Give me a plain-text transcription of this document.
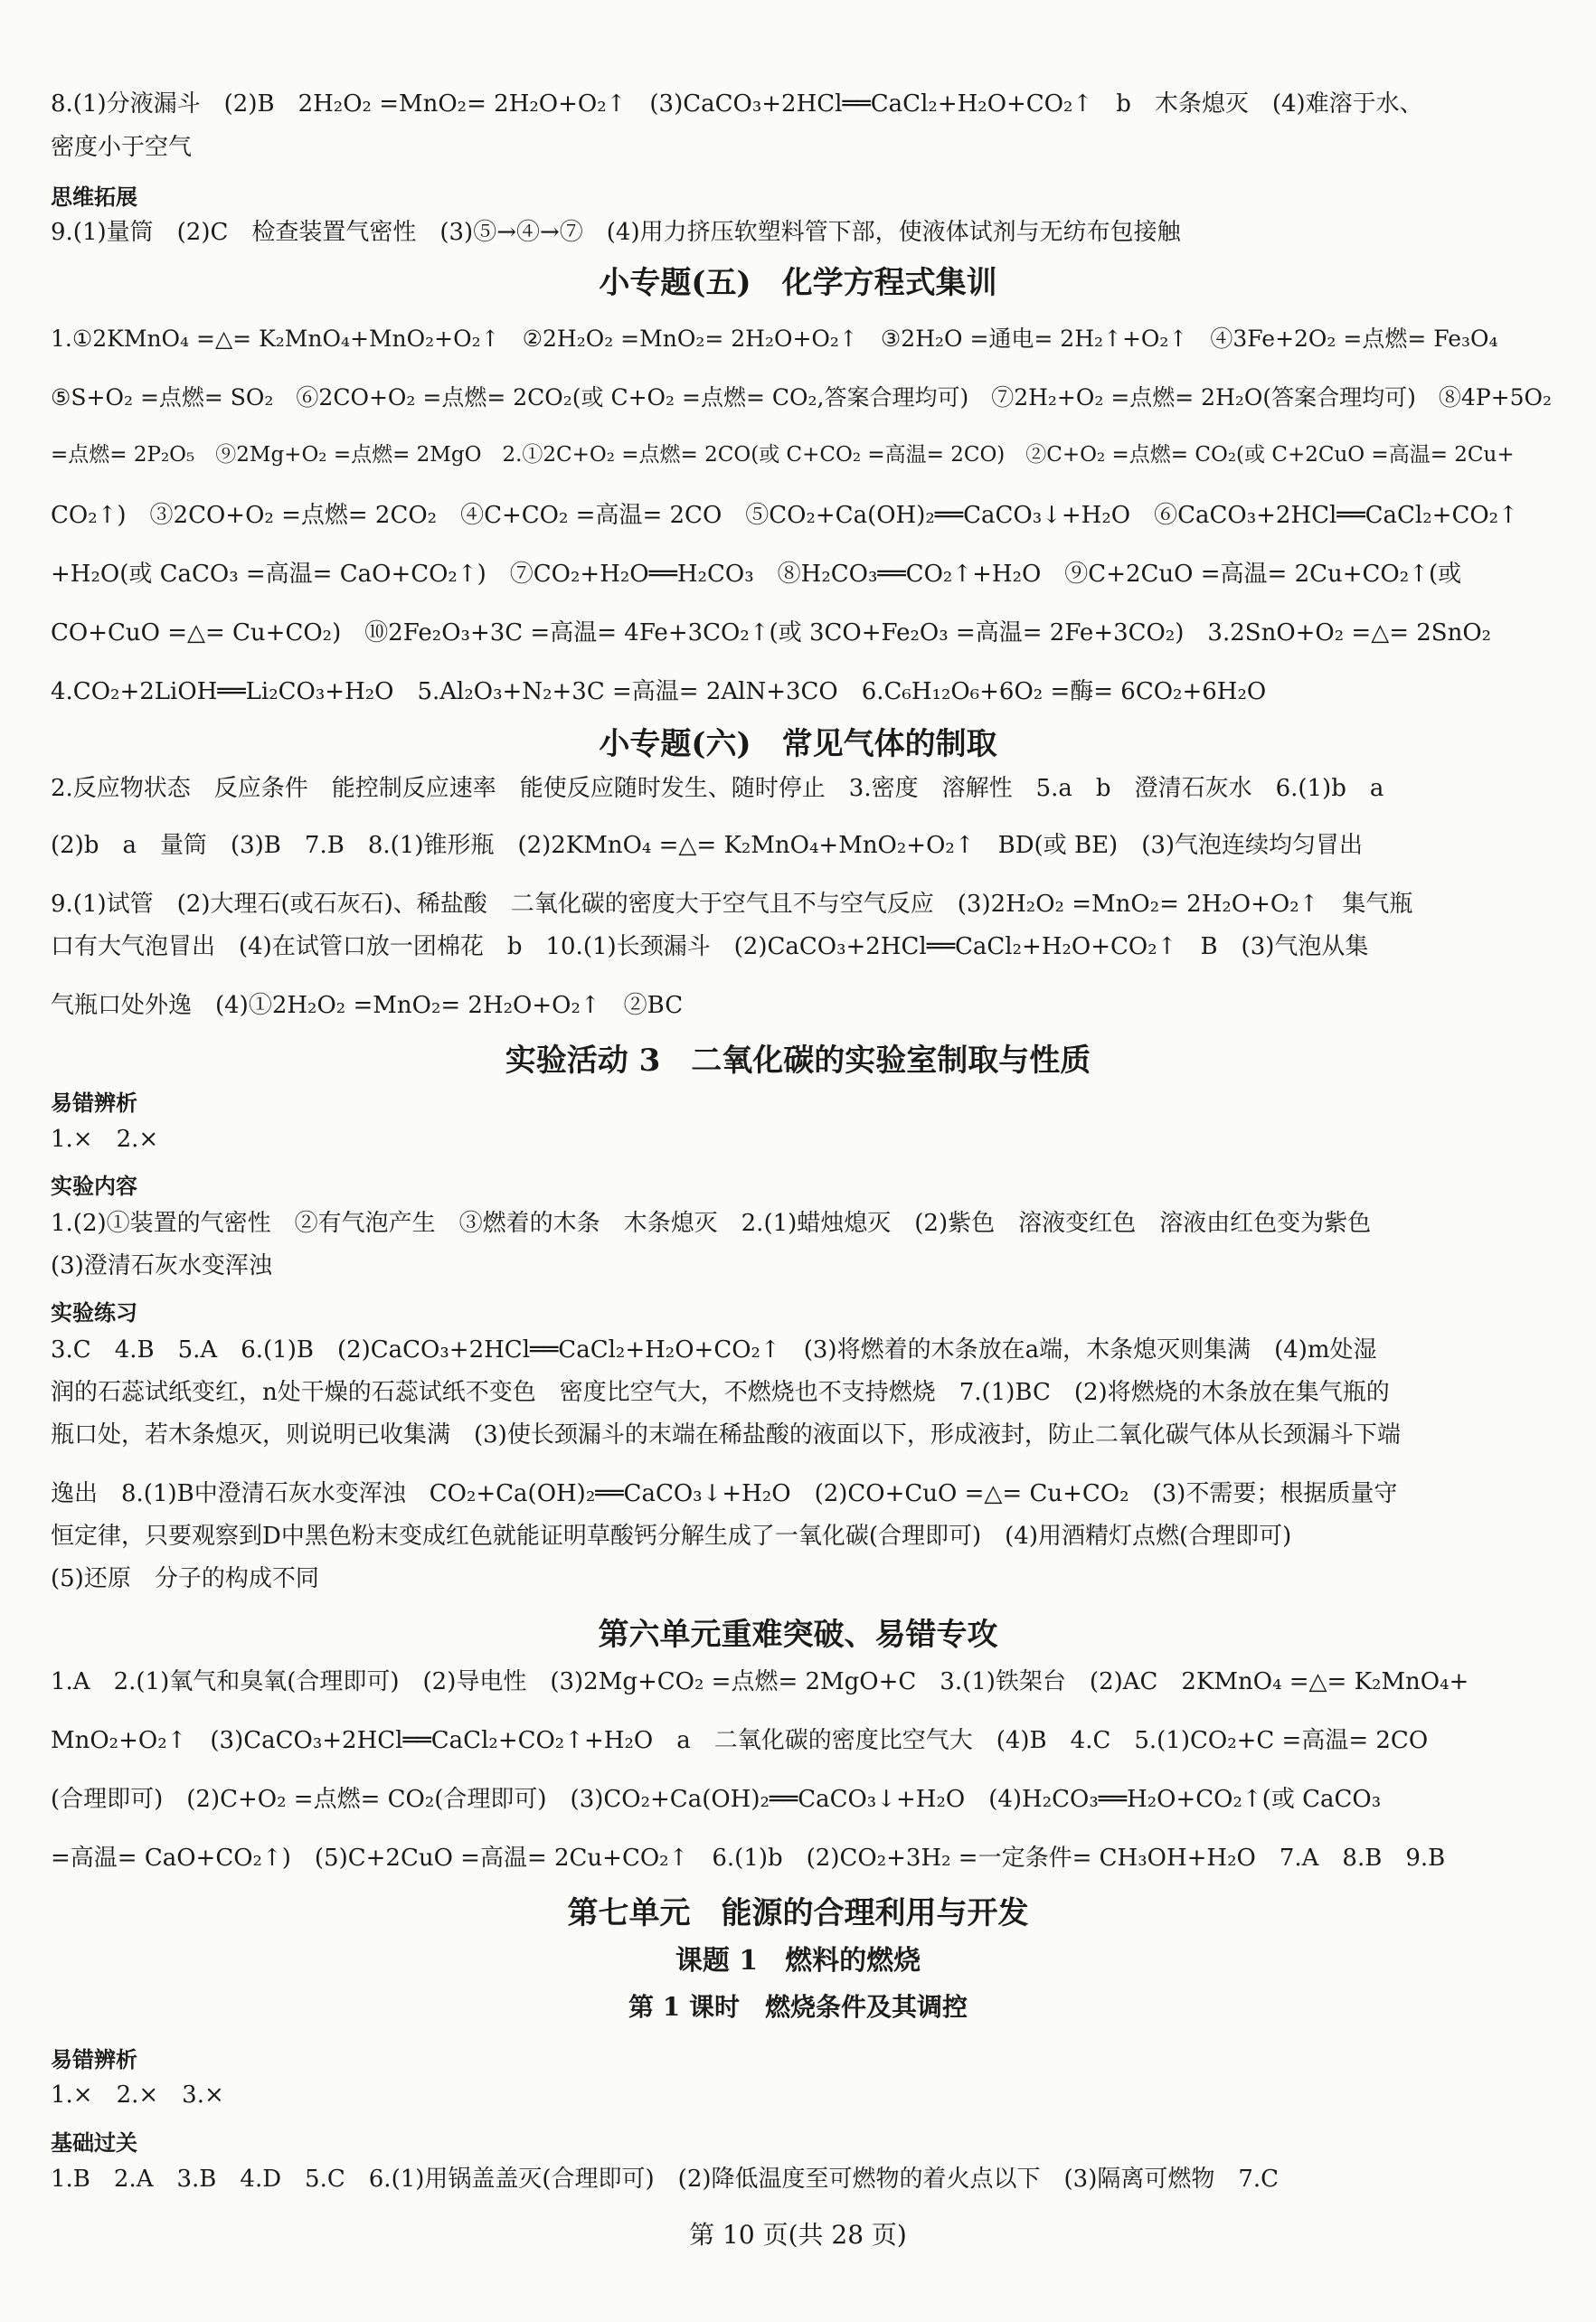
8.(1)分液漏斗　(2)B　2H₂O₂ =MnO₂= 2H₂O+O₂↑　(3)CaCO₃+2HCl══CaCl₂+H₂O+CO₂↑　b　木条熄灭　(4)难溶于水、
密度小于空气
思维拓展
9.(1)量筒　(2)C　检查装置气密性　(3)⑤→④→⑦　(4)用力挤压软塑料管下部，使液体试剂与无纺布包接触
小专题(五)　化学方程式集训
1.①2KMnO₄ =△= K₂MnO₄+MnO₂+O₂↑　②2H₂O₂ =MnO₂= 2H₂O+O₂↑　③2H₂O =通电= 2H₂↑+O₂↑　④3Fe+2O₂ =点燃= Fe₃O₄
⑤S+O₂ =点燃= SO₂　⑥2CO+O₂ =点燃= 2CO₂(或 C+O₂ =点燃= CO₂,答案合理均可)　⑦2H₂+O₂ =点燃= 2H₂O(答案合理均可)　⑧4P+5O₂
=点燃= 2P₂O₅　⑨2Mg+O₂ =点燃= 2MgO　2.①2C+O₂ =点燃= 2CO(或 C+CO₂ =高温= 2CO)　②C+O₂ =点燃= CO₂(或 C+2CuO =高温= 2Cu+
CO₂↑)　③2CO+O₂ =点燃= 2CO₂　④C+CO₂ =高温= 2CO　⑤CO₂+Ca(OH)₂══CaCO₃↓+H₂O　⑥CaCO₃+2HCl══CaCl₂+CO₂↑
+H₂O(或 CaCO₃ =高温= CaO+CO₂↑)　⑦CO₂+H₂O══H₂CO₃　⑧H₂CO₃══CO₂↑+H₂O　⑨C+2CuO =高温= 2Cu+CO₂↑(或
CO+CuO =△= Cu+CO₂)　⑩2Fe₂O₃+3C =高温= 4Fe+3CO₂↑(或 3CO+Fe₂O₃ =高温= 2Fe+3CO₂)　3.2SnO+O₂ =△= 2SnO₂
4.CO₂+2LiOH══Li₂CO₃+H₂O　5.Al₂O₃+N₂+3C =高温= 2AlN+3CO　6.C₆H₁₂O₆+6O₂ =酶= 6CO₂+6H₂O
小专题(六)　常见气体的制取
2.反应物状态　反应条件　能控制反应速率　能使反应随时发生、随时停止　3.密度　溶解性　5.a　b　澄清石灰水　6.(1)b　a
(2)b　a　量筒　(3)B　7.B　8.(1)锥形瓶　(2)2KMnO₄ =△= K₂MnO₄+MnO₂+O₂↑　BD(或 BE)　(3)气泡连续均匀冒出
9.(1)试管　(2)大理石(或石灰石)、稀盐酸　二氧化碳的密度大于空气且不与空气反应　(3)2H₂O₂ =MnO₂= 2H₂O+O₂↑　集气瓶
口有大气泡冒出　(4)在试管口放一团棉花　b　10.(1)长颈漏斗　(2)CaCO₃+2HCl══CaCl₂+H₂O+CO₂↑　B　(3)气泡从集
气瓶口处外逸　(4)①2H₂O₂ =MnO₂= 2H₂O+O₂↑　②BC
实验活动 3　二氧化碳的实验室制取与性质
易错辨析
1.×　2.×
实验内容
1.(2)①装置的气密性　②有气泡产生　③燃着的木条　木条熄灭　2.(1)蜡烛熄灭　(2)紫色　溶液变红色　溶液由红色变为紫色
(3)澄清石灰水变浑浊
实验练习
3.C　4.B　5.A　6.(1)B　(2)CaCO₃+2HCl══CaCl₂+H₂O+CO₂↑　(3)将燃着的木条放在a端，木条熄灭则集满　(4)m处湿
润的石蕊试纸变红，n处干燥的石蕊试纸不变色　密度比空气大，不燃烧也不支持燃烧　7.(1)BC　(2)将燃烧的木条放在集气瓶的
瓶口处，若木条熄灭，则说明已收集满　(3)使长颈漏斗的末端在稀盐酸的液面以下，形成液封，防止二氧化碳气体从长颈漏斗下端
逸出　8.(1)B中澄清石灰水变浑浊　CO₂+Ca(OH)₂══CaCO₃↓+H₂O　(2)CO+CuO =△= Cu+CO₂　(3)不需要；根据质量守
恒定律，只要观察到D中黑色粉末变成红色就能证明草酸钙分解生成了一氧化碳(合理即可)　(4)用酒精灯点燃(合理即可)
(5)还原　分子的构成不同
第六单元重难突破、易错专攻
1.A　2.(1)氧气和臭氧(合理即可)　(2)导电性　(3)2Mg+CO₂ =点燃= 2MgO+C　3.(1)铁架台　(2)AC　2KMnO₄ =△= K₂MnO₄+
MnO₂+O₂↑　(3)CaCO₃+2HCl══CaCl₂+CO₂↑+H₂O　a　二氧化碳的密度比空气大　(4)B　4.C　5.(1)CO₂+C =高温= 2CO
(合理即可)　(2)C+O₂ =点燃= CO₂(合理即可)　(3)CO₂+Ca(OH)₂══CaCO₃↓+H₂O　(4)H₂CO₃══H₂O+CO₂↑(或 CaCO₃
=高温= CaO+CO₂↑)　(5)C+2CuO =高温= 2Cu+CO₂↑　6.(1)b　(2)CO₂+3H₂ =一定条件= CH₃OH+H₂O　7.A　8.B　9.B
第七单元　能源的合理利用与开发
课题 1　燃料的燃烧
第 1 课时　燃烧条件及其调控
易错辨析
1.×　2.×　3.×
基础过关
1.B　2.A　3.B　4.D　5.C　6.(1)用锅盖盖灭(合理即可)　(2)降低温度至可燃物的着火点以下　(3)隔离可燃物　7.C
第 10 页(共 28 页)
